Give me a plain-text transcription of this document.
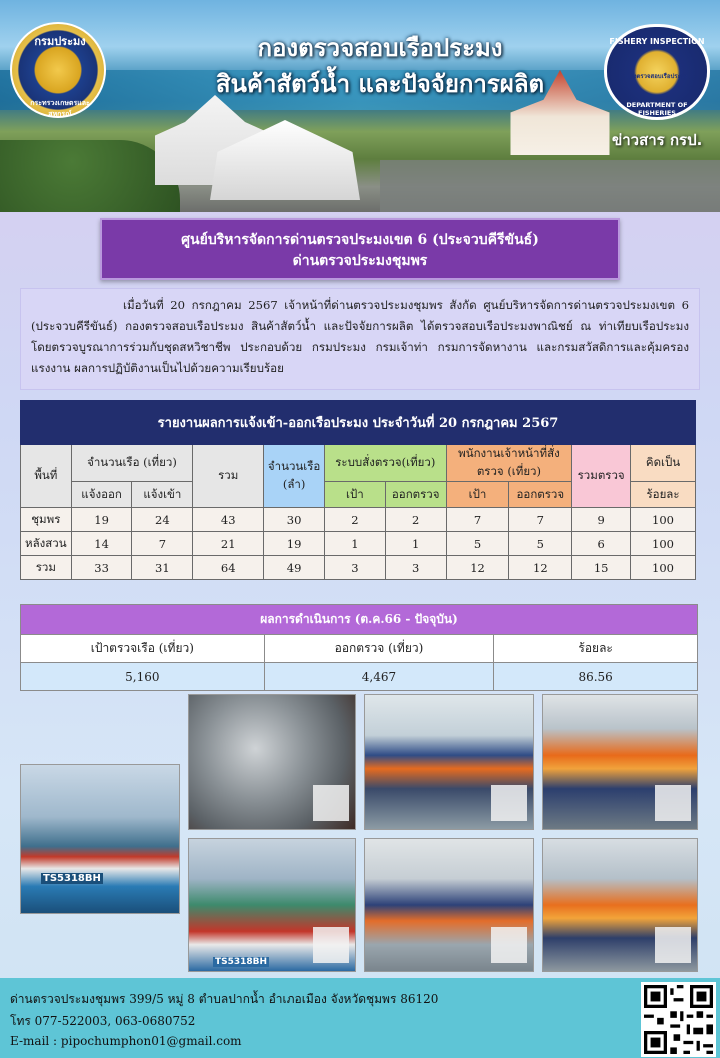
กรมประมง
กระทรวงเกษตรและสหกรณ์
กองตรวจสอบเรือประมง
สินค้าสัตว์น้ำ และปัจจัยการผลิต
FISHERY INSPECTION
กองตรวจสอบเรือประมง
DEPARTMENT OF FISHERIES
ข่าวสาร กรป.
ศูนย์บริหารจัดการด่านตรวจประมงเขต 6 (ประจวบคีรีขันธ์)
ด่านตรวจประมงชุมพร
เมื่อวันที่ 20 กรกฎาคม 2567 เจ้าหน้าที่ด่านตรวจประมงชุมพร สังกัด ศูนย์บริหารจัดการด่านตรวจประมงเขต 6 (ประจวบคีรีขันธ์) กองตรวจสอบเรือประมง สินค้าสัตว์น้ำ และปัจจัยการผลิต ได้ตรวจสอบเรือประมงพาณิชย์ ณ ท่าเทียบเรือประมง โดยตรวจบูรณาการร่วมกับชุดสหวิชาชีพ ประกอบด้วย กรมประมง กรมเจ้าท่า กรมการจัดหางาน และกรมสวัสดิการและคุ้มครองแรงงาน ผลการปฏิบัติงานเป็นไปด้วยความเรียบร้อย
รายงานผลการแจ้งเข้า-ออกเรือประมง ประจำวันที่ 20 กรกฎาคม 2567										
พื้นที่	จำนวนเรือ (เที่ยว)		รวม	จำนวนเรือ (ลำ)	ระบบสั่งตรวจ(เที่ยว)		พนักงานเจ้าหน้าที่สั่งตรวจ (เที่ยว)		รวมตรวจ	คิดเป็น
	แจ้งออก	แจ้งเข้า			เป้า	ออกตรวจ	เป้า	ออกตรวจ		ร้อยละ
ชุมพร	19	24	43	30	2	2	7	7	9	100
หลังสวน	14	7	21	19	1	1	5	5	6	100
รวม	33	31	64	49	3	3	12	12	15	100
ผลการดำเนินการ (ต.ค.66 - ปัจจุบัน)		
เป้าตรวจเรือ (เที่ยว)	ออกตรวจ (เที่ยว)	ร้อยละ
5,160	4,467	86.56
TS5318BH
TS5318BH
ด่านตรวจประมงชุมพร 399/5 หมู่ 8 ตำบลปากน้ำ อำเภอเมือง จังหวัดชุมพร 86120
โทร 077-522003, 063-0680752
E-mail : pipochumphon01@gmail.com
